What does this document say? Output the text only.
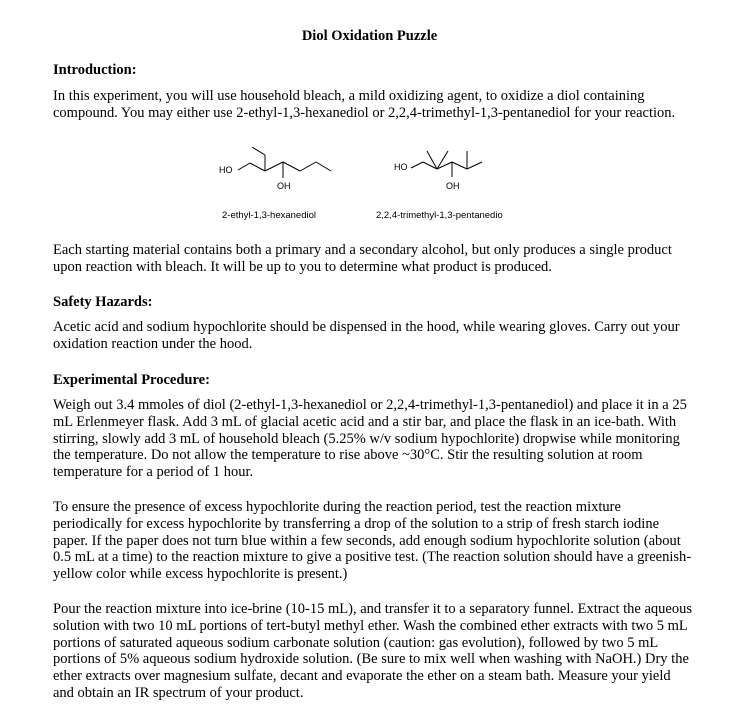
Diol Oxidation Puzzle
Introduction:
In this experiment, you will use household bleach, a mild oxidizing agent, to oxidize a diol containing compound. You may either use 2-ethyl-1,3-hexanediol or 2,2,4-trimethyl-1,3-pentanediol for your reaction.
HO
OH
HO
OH
2-ethyl-1,3-hexanediol	2,2,4-trimethyl-1,3-pentanedio
Each starting material contains both a primary and a secondary alcohol, but only produces a single product upon reaction with bleach. It will be up to you to determine what product is produced.
Safety Hazards:
Acetic acid and sodium hypochlorite should be dispensed in the hood, while wearing gloves. Carry out your oxidation reaction under the hood.
Experimental Procedure:
Weigh out 3.4 mmoles of diol (2-ethyl-1,3-hexanediol or 2,2,4-trimethyl-1,3-pentanediol) and place it in a 25 mL Erlenmeyer flask. Add 3 mL of glacial acetic acid and a stir bar, and place the flask in an ice-bath. With stirring, slowly add 3 mL of household bleach (5.25% w/v sodium hypochlorite) dropwise while monitoring the temperature. Do not allow the temperature to rise above ~30°C. Stir the resulting solution at room temperature for a period of 1 hour.
To ensure the presence of excess hypochlorite during the reaction period, test the reaction mixture periodically for excess hypochlorite by transferring a drop of the solution to a strip of fresh starch iodine paper. If the paper does not turn blue within a few seconds, add enough sodium hypochlorite solution (about 0.5 mL at a time) to the reaction mixture to give a positive test. (The reaction solution should have a greenish-yellow color while excess hypochlorite is present.)
Pour the reaction mixture into ice-brine (10-15 mL), and transfer it to a separatory funnel. Extract the aqueous solution with two 10 mL portions of tert-butyl methyl ether. Wash the combined ether extracts with two 5 mL portions of saturated aqueous sodium carbonate solution (caution: gas evolution), followed by two 5 mL portions of 5% aqueous sodium hydroxide solution. (Be sure to mix well when washing with NaOH.) Dry the ether extracts over magnesium sulfate, decant and evaporate the ether on a steam bath. Measure your yield and obtain an IR spectrum of your product.
